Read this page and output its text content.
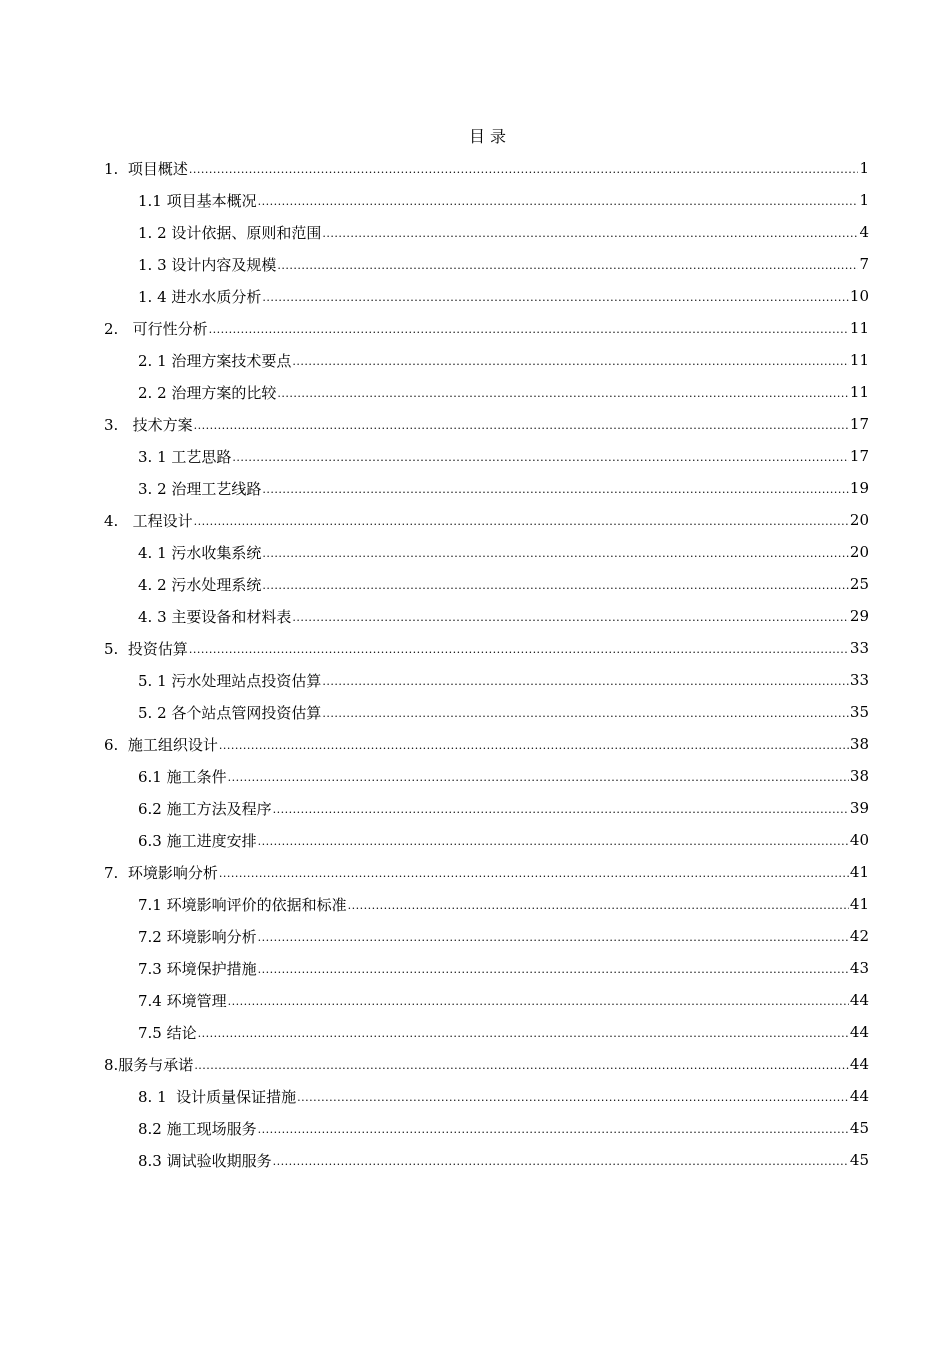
目 录
1.  项目概述 .....	1
1.1 项目基本概况 .....	1
1. 2 设计依据、原则和范围 .....	4
1. 3 设计内容及规模 .....	7
1. 4 进水水质分析 .....	10
2.   可行性分析 .....	11
2. 1 治理方案技术要点 .....	11
2. 2 治理方案的比较 .....	11
3.   技术方案 .....	17
3. 1 工艺思路 .....	17
3. 2 治理工艺线路 .....	19
4.   工程设计 .....	20
4. 1 污水收集系统 .....	20
4. 2 污水处理系统 .....	25
4. 3 主要设备和材料表 .....	29
5.  投资估算 .....	33
5. 1 污水处理站点投资估算 .....	33
5. 2 各个站点管网投资估算 .....	35
6.  施工组织设计 .....	38
6.1 施工条件 .....	38
6.2 施工方法及程序 .....	39
6.3 施工进度安排 .....	40
7.  环境影响分析 .....	41
7.1 环境影响评价的依据和标准 .....	41
7.2 环境影响分析 .....	42
7.3 环境保护措施 .....	43
7.4 环境管理 .....	44
7.5 结论 .....	44
8.服务与承诺 .....	44
8. 1  设计质量保证措施 .....	44
8.2 施工现场服务 .....	45
8.3 调试验收期服务 .....	45
